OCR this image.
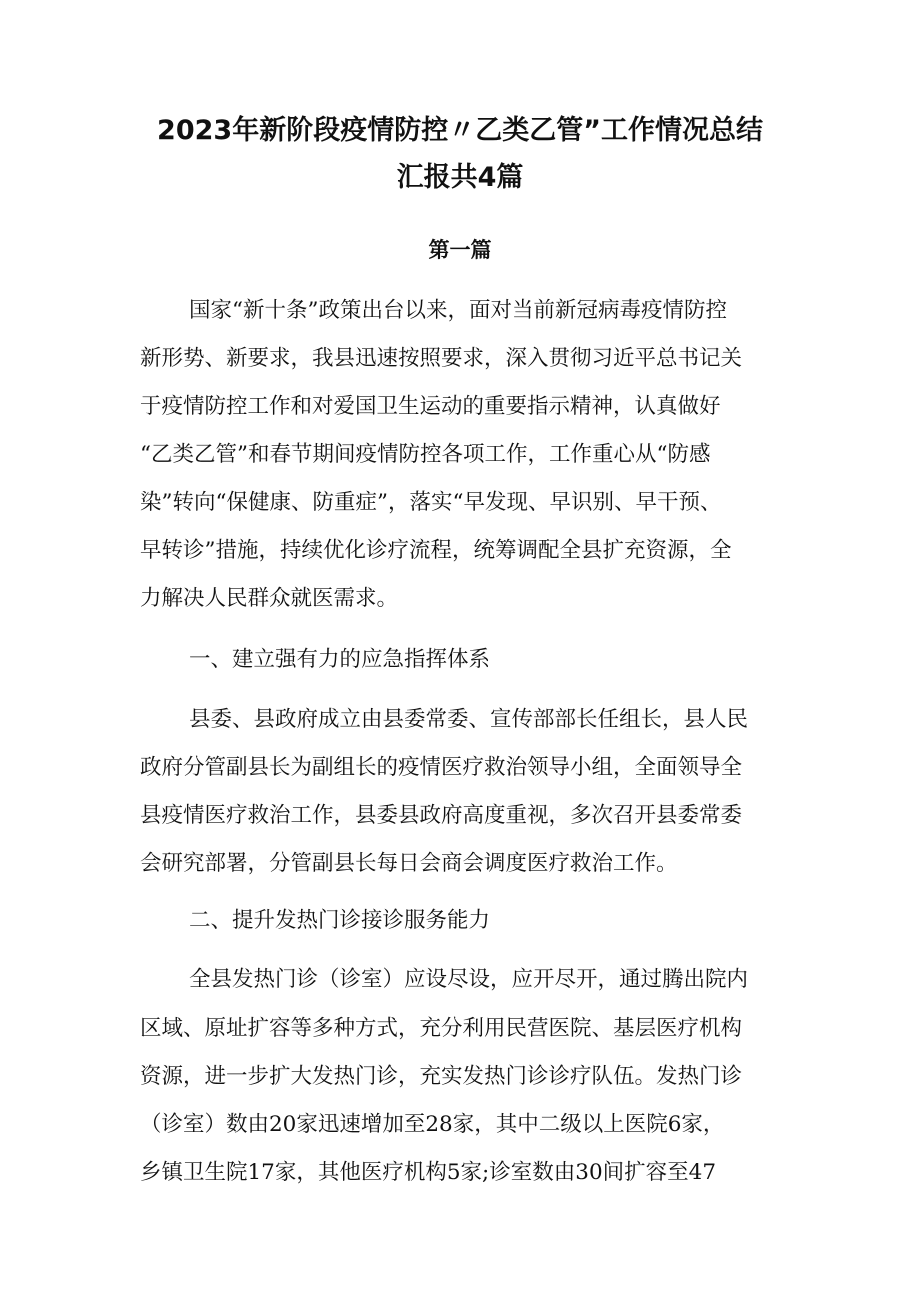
2023年新阶段疫情防控〃乙类乙管”工作情况总结
汇报共4篇
第一篇
国家“新十条”政策出台以来，面对当前新冠病毒疫情防控
新形势、新要求，我县迅速按照要求，深入贯彻习近平总书记关
于疫情防控工作和对爱国卫生运动的重要指示精神，认真做好
“乙类乙管”和春节期间疫情防控各项工作，工作重心从“防感
染”转向“保健康、防重症”，落实“早发现、早识别、早干预、
早转诊”措施，持续优化诊疗流程，统筹调配全县扩充资源，全
力解决人民群众就医需求。
一、建立强有力的应急指挥体系
县委、县政府成立由县委常委、宣传部部长任组长，县人民
政府分管副县长为副组长的疫情医疗救治领导小组，全面领导全
县疫情医疗救治工作，县委县政府高度重视，多次召开县委常委
会研究部署，分管副县长每日会商会调度医疗救治工作。
二、提升发热门诊接诊服务能力
全县发热门诊（诊室）应设尽设，应开尽开，通过腾出院内
区域、原址扩容等多种方式，充分利用民营医院、基层医疗机构
资源，进一步扩大发热门诊，充实发热门诊诊疗队伍。发热门诊
（诊室）数由20家迅速增加至28家，其中二级以上医院6家，
乡镇卫生院17家，其他医疗机构5家;诊室数由30间扩容至47
